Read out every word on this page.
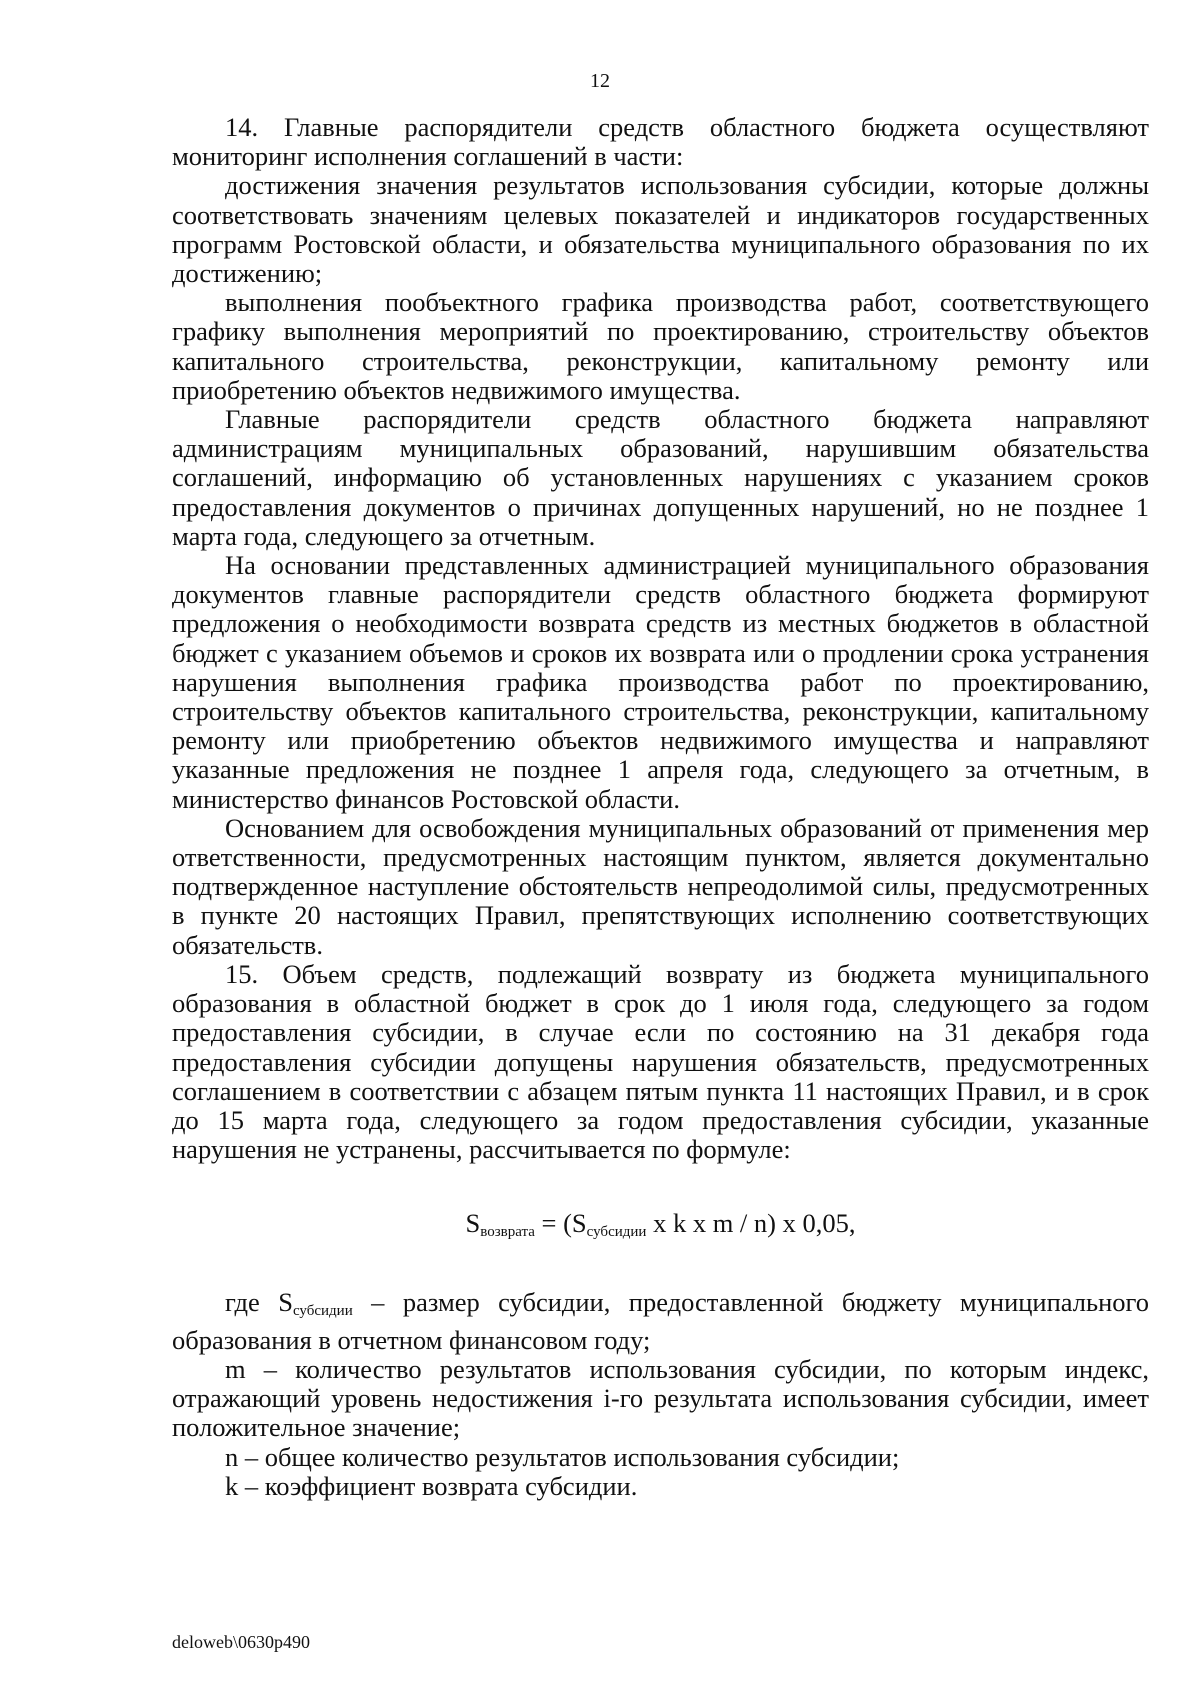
12

14. Главные распорядители средств областного бюджета осуществляют мониторинг исполнения соглашений в части:

достижения значения результатов использования субсидии, которые должны соответствовать значениям целевых показателей и индикаторов государственных программ Ростовской области, и обязательства муниципального образования по их достижению;

выполнения пообъектного графика производства работ, соответствующего графику выполнения мероприятий по проектированию, строительству объектов капитального строительства, реконструкции, капитальному ремонту или приобретению объектов недвижимого имущества.

Главные распорядители средств областного бюджета направляют администрациям муниципальных образований, нарушившим обязательства соглашений, информацию об установленных нарушениях с указанием сроков предоставления документов о причинах допущенных нарушений, но не позднее 1 марта года, следующего за отчетным.

На основании представленных администрацией муниципального образования документов главные распорядители средств областного бюджета формируют предложения о необходимости возврата средств из местных бюджетов в областной бюджет с указанием объемов и сроков их возврата или о продлении срока устранения нарушения выполнения графика производства работ по проектированию, строительству объектов капитального строительства, реконструкции, капитальному ремонту или приобретению объектов недвижимого имущества и направляют указанные предложения не позднее 1 апреля года, следующего за отчетным, в министерство финансов Ростовской области.

Основанием для освобождения муниципальных образований от применения мер ответственности, предусмотренных настоящим пунктом, является документально подтвержденное наступление обстоятельств непреодолимой силы, предусмотренных в пункте 20 настоящих Правил, препятствующих исполнению соответствующих обязательств.

15. Объем средств, подлежащий возврату из бюджета муниципального образования в областной бюджет в срок до 1 июля года, следующего за годом предоставления субсидии, в случае если по состоянию на 31 декабря года предоставления субсидии допущены нарушения обязательств, предусмотренных соглашением в соответствии с абзацем пятым пункта 11 настоящих Правил, и в срок до 15 марта года, следующего за годом предоставления субсидии, указанные нарушения не устранены, рассчитывается по формуле:

$S_{возврата} = (S_{субсидии}$ x k x m / n) x 0,05,

где $S_{субсидии}$ – размер субсидии, предоставленной бюджету муниципального образования в отчетном финансовом году;

m – количество результатов использования субсидии, по которым индекс, отражающий уровень недостижения i-го результата использования субсидии, имеет положительное значение;

n – общее количество результатов использования субсидии;

k – коэффициент возврата субсидии.

deloweb\0630p490
